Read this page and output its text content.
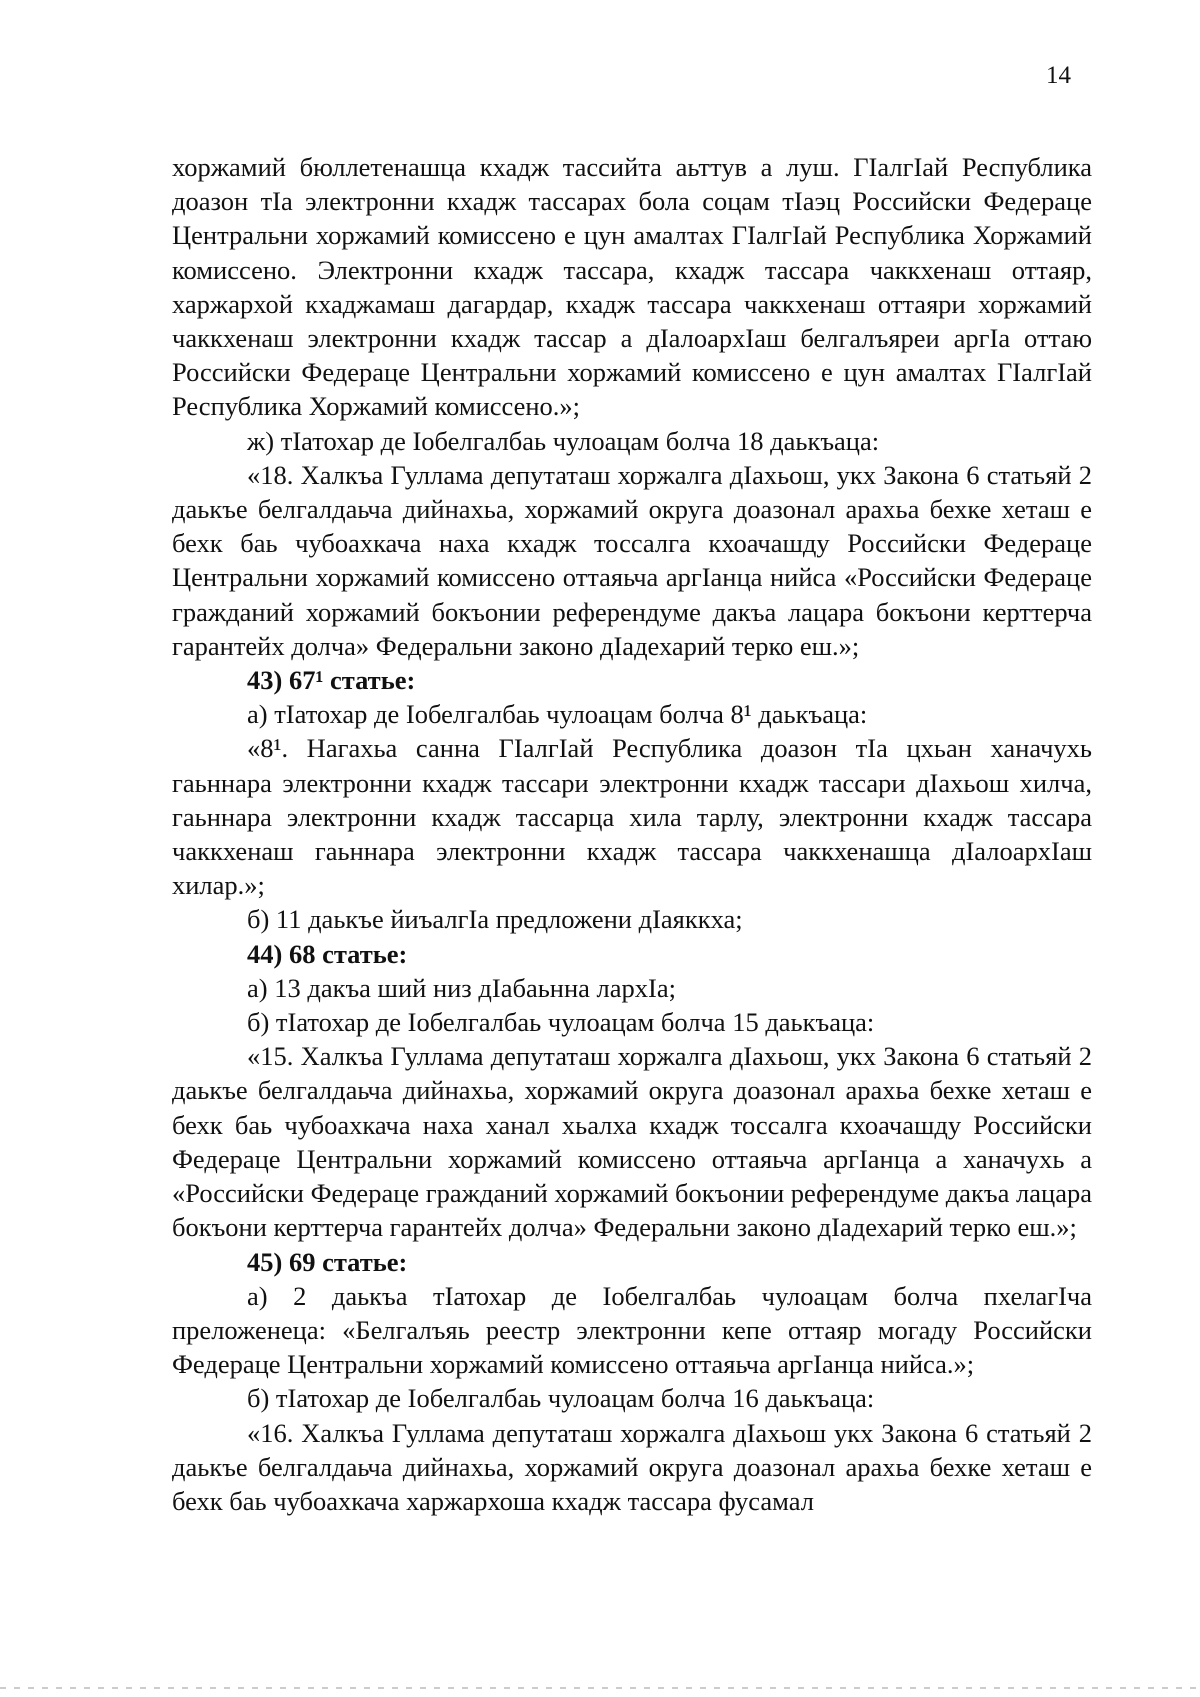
14

хоржамий бюллетенашца кхадж тассийта аьттув а луш. ГIалгIай Республика доазон тIа электронни кхадж тассарах бола соцам тIаэц Российски Федераце Центральни хоржамий комиссено е цун амалтах ГIалгIай Республика Хоржамий комиссено. Электронни кхадж тассара, кхадж тассара чаккхенаш оттаяр, харжархой кхаджамаш дагардар, кхадж тассара чаккхенаш оттаяри хоржамий чаккхенаш электронни кхадж тассар а дIалоархIаш белгалъяреи аргIа оттаю Российски Федераце Центральни хоржамий комиссено е цун амалтах ГIалгIай Республика Хоржамий комиссено.»;

ж) тIатохар де Iобелгалбаь чулоацам болча 18 даькъаца:

«18. Халкъа Гуллама депутаташ хоржалга дIахьош, укх Закона 6 статьяй 2 даькъе белгалдаьча дийнахьа, хоржамий округа доазонал арахьа бехке хеташ е бехк баь чубоахкача наха кхадж тоссалга кхоачашду Российски Федераце Центральни хоржамий комиссено оттаяьча аргIанца нийса «Российски Федераце гражданий хоржамий бокъонии референдуме дакъа лацара бокъони керттерча гарантейх долча» Федеральни законо дIадехарий терко еш.»;

43) 67¹ статье:

а) тIатохар де Iобелгалбаь чулоацам болча 8¹ даькъаца:

«8¹. Нагахьа санна ГIалгIай Республика доазон тIа цхьан ханачухь гаьннара электронни кхадж тассари электронни кхадж тассари дIахьош хилча, гаьннара электронни кхадж тассарца хила тарлу, электронни кхадж тассара чаккхенаш гаьннара электронни кхадж тассара чаккхенашца дIалоархIаш хилар.»;

б) 11 даькъе йиъалгIа предложени дIаяккха;

44) 68 статье:

а) 13 дакъа ший низ дIабаьнна лархIа;

б) тIатохар де Iобелгалбаь чулоацам болча 15 даькъаца:

«15. Халкъа Гуллама депутаташ хоржалга дIахьош, укх Закона 6 статьяй 2 даькъе белгалдаьча дийнахьа, хоржамий округа доазонал арахьа бехке хеташ е бехк баь чубоахкача наха ханал хьалха кхадж тоссалга кхоачашду Российски Федераце Центральни хоржамий комиссено оттаяьча аргIанца а ханачухь а «Российски Федераце гражданий хоржамий бокъонии референдуме дакъа лацара бокъони керттерча гарантейх долча» Федеральни законо дIадехарий терко еш.»;

45) 69 статье:

а) 2 даькъа тIатохар де Iобелгалбаь чулоацам болча пхелагIча преложенеца: «Белгалъяь реестр электронни кепе оттаяр могаду Российски Федераце Центральни хоржамий комиссено оттаяьча аргIанца нийса.»;

б) тIатохар де Iобелгалбаь чулоацам болча 16 даькъаца:

«16. Халкъа Гуллама депутаташ хоржалга дIахьош укх Закона 6 статьяй 2 даькъе белгалдаьча дийнахьа, хоржамий округа доазонал арахьа бехке хеташ е бехк баь чубоахкача харжархоша кхадж тассара фусамал
